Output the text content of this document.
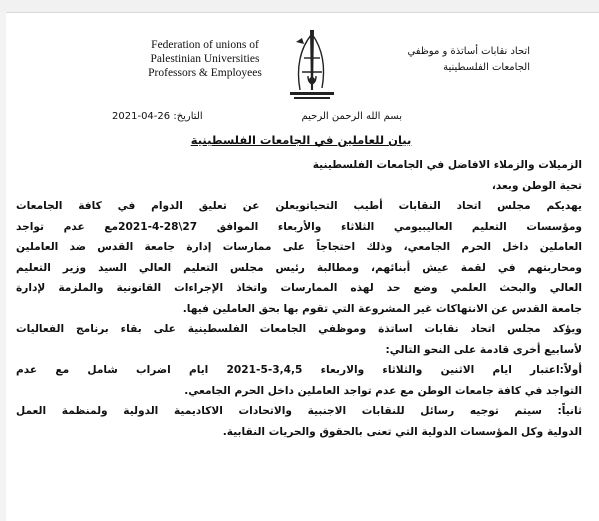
Federation of unions of
Palestinian Universities
Professors & Employees
اتحاد نقابات أساتذة و موظفي
الجامعات الفلسطينية
بسم الله الرحمن الرحيم
التاريخ: 26-04-2021
بيان للعاملين في الجامعات الفلسطينية
الزميلات والزملاء الافاضل في الجامعات الفلسطينية
تحية الوطن وبعد،
يهديكم مجلس اتحاد النقابات أطيب التحياتويعلن عن تعليق الدوام في كافة الجامعات
ومؤسسات التعليم العاليبيومي الثلاثاء والأربعاء الموافق 27\28-4-2021مع عدم تواجد
العاملين داخل الحرم الجامعي، وذلك احتجاجاً على ممارسات إدارة جامعة القدس ضد العاملين
ومحاربتهم في لقمة عيش أبنائهم، ومطالبة رئيس مجلس التعليم العالي السيد وزير التعليم
العالي والبحث العلمي وضع حد لهذه الممارسات واتخاذ الإجراءات القانونية والملزمة لإدارة
جامعة القدس عن الانتهاكات غير المشروعة التي تقوم بها بحق العاملين فيها.
ويؤكد مجلس اتحاد نقابات اساتذة وموظفي الجامعات الفلسطينية على بقاء برنامج الفعاليات
لأسابيع أخرى قادمة على النحو التالي:
أولاً:اعتبار ايام الاثنين والثلاثاء والاربعاء 3,4,5-5-2021 ايام اضراب شامل مع عدم
التواجد في كافة جامعات الوطن مع عدم تواجد العاملين داخل الحرم الجامعي.
ثانياً: سيتم توجيه رسائل للنقابات الاجنبية والاتحادات الاكاديمية الدولية ولمنظمة العمل
الدولية وكل المؤسسات الدولية التي تعنى بالحقوق والحريات النقابية.
